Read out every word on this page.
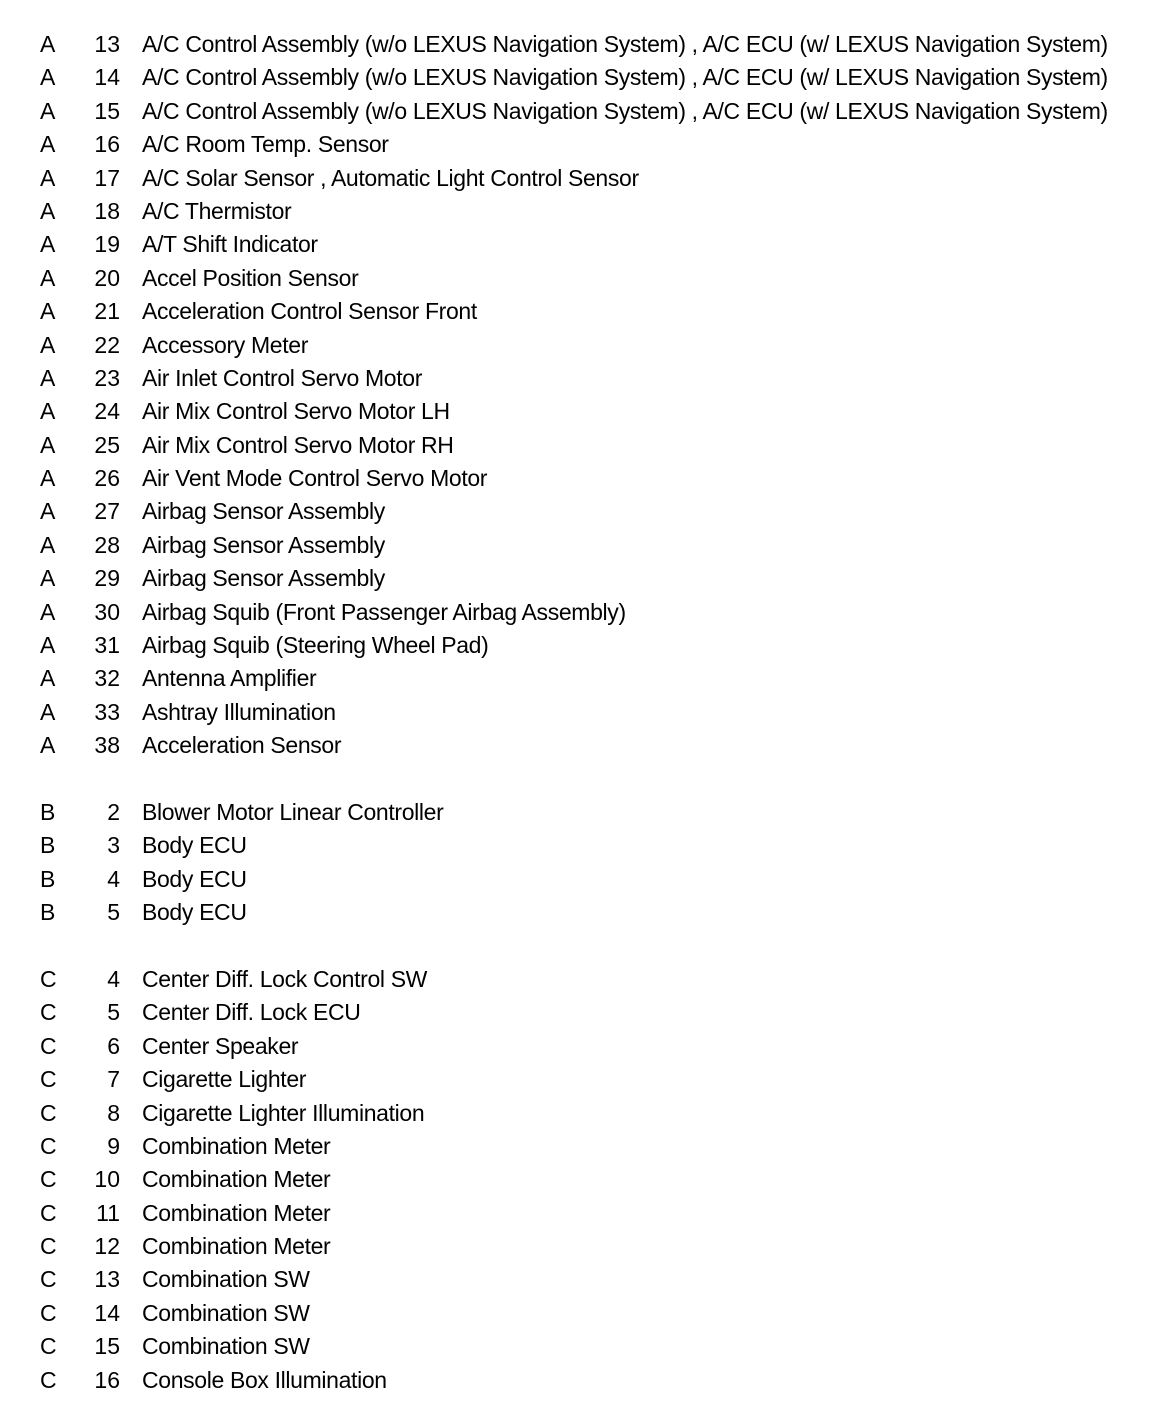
A	13 A/C Control Assembly (w/o LEXUS Navigation System) , A/C ECU (w/ LEXUS Navigation System)
A	14 A/C Control Assembly (w/o LEXUS Navigation System) , A/C ECU (w/ LEXUS Navigation System)
A	15 A/C Control Assembly (w/o LEXUS Navigation System) , A/C ECU (w/ LEXUS Navigation System)
A	16 A/C Room Temp. Sensor
A	17 A/C Solar Sensor , Automatic Light Control Sensor
A	18 A/C Thermistor
A	19 A/T Shift Indicator
A	20 Accel Position Sensor
A	21 Acceleration Control Sensor Front
A	22 Accessory Meter
A	23 Air Inlet Control Servo Motor
A	24 Air Mix Control Servo Motor LH
A	25 Air Mix Control Servo Motor RH
A	26 Air Vent Mode Control Servo Motor
A	27 Airbag Sensor Assembly
A	28 Airbag Sensor Assembly
A	29 Airbag Sensor Assembly
A	30 Airbag Squib (Front Passenger Airbag Assembly)
A	31 Airbag Squib (Steering Wheel Pad)
A	32 Antenna Amplifier
A	33 Ashtray Illumination
A	38 Acceleration Sensor
B	2 Blower Motor Linear Controller
B	3 Body ECU
B	4 Body ECU
B	5 Body ECU
C	4 Center Diff. Lock Control SW
C	5 Center Diff. Lock ECU
C	6 Center Speaker
C	7 Cigarette Lighter
C	8 Cigarette Lighter Illumination
C	9 Combination Meter
C	10 Combination Meter
C	11 Combination Meter
C	12 Combination Meter
C	13 Combination SW
C	14 Combination SW
C	15 Combination SW
C	16 Console Box Illumination
